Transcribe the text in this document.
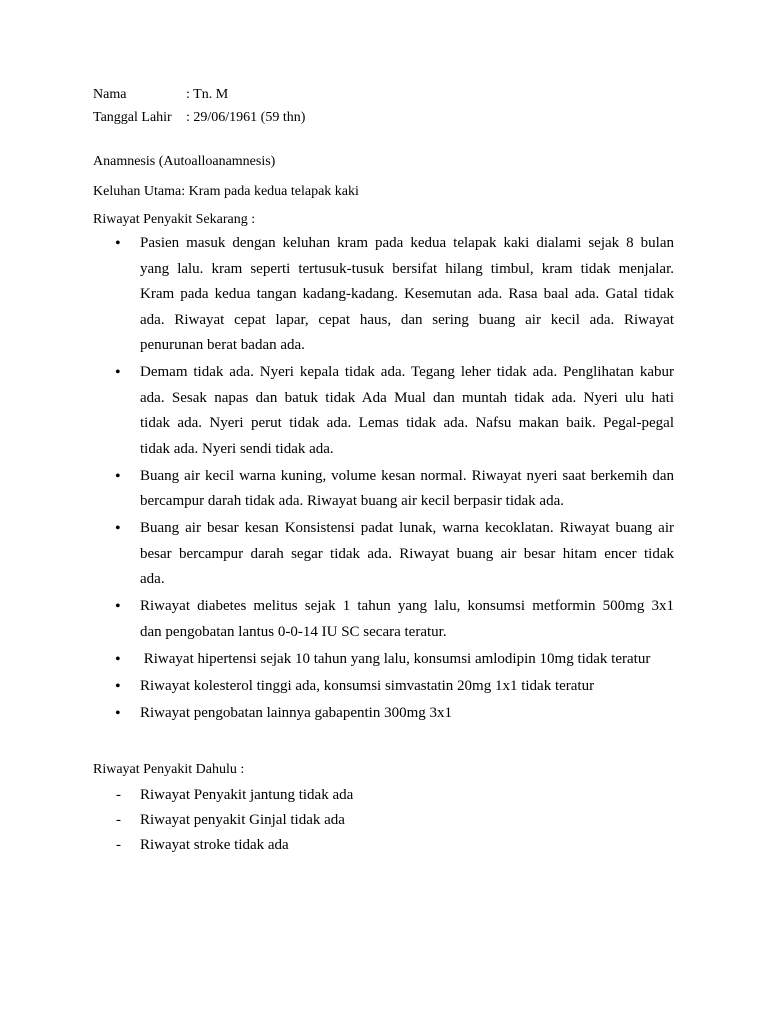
Nama	: Tn. M
Tanggal Lahir : 29/06/1961 (59 thn)
Anamnesis (Autoalloanamnesis)
Keluhan Utama: Kram pada kedua telapak kaki
Riwayat Penyakit Sekarang :
• Pasien masuk dengan keluhan kram pada kedua telapak kaki dialami sejak 8 bulan
yang lalu. kram seperti tertusuk-tusuk bersifat hilang timbul, kram tidak menjalar.
Kram pada kedua tangan kadang-kadang. Kesemutan ada. Rasa baal ada. Gatal tidak
ada. Riwayat cepat lapar, cepat haus, dan sering buang air kecil ada. Riwayat
penurunan berat badan ada.
• Demam tidak ada. Nyeri kepala tidak ada. Tegang leher tidak ada. Penglihatan kabur
ada. Sesak napas dan batuk tidak Ada Mual dan muntah tidak ada. Nyeri ulu hati
tidak ada. Nyeri perut tidak ada. Lemas tidak ada. Nafsu makan baik. Pegal-pegal
tidak ada. Nyeri sendi tidak ada.
• Buang air kecil warna kuning, volume kesan normal. Riwayat nyeri saat berkemih dan
bercampur darah tidak ada. Riwayat buang air kecil berpasir tidak ada.
• Buang air besar kesan Konsistensi padat lunak, warna kecoklatan. Riwayat buang air
besar bercampur darah segar tidak ada. Riwayat buang air besar hitam encer tidak
ada.
• Riwayat diabetes melitus sejak 1 tahun yang lalu, konsumsi metformin 500mg 3x1
dan pengobatan lantus 0-0-14 IU SC secara teratur.
• Riwayat hipertensi sejak 10 tahun yang lalu, konsumsi amlodipin 10mg tidak teratur
• Riwayat kolesterol tinggi ada, konsumsi simvastatin 20mg 1x1 tidak teratur
• Riwayat pengobatan lainnya gabapentin 300mg 3x1
Riwayat Penyakit Dahulu :
- Riwayat Penyakit jantung tidak ada
- Riwayat penyakit Ginjal tidak ada
- Riwayat stroke tidak ada
